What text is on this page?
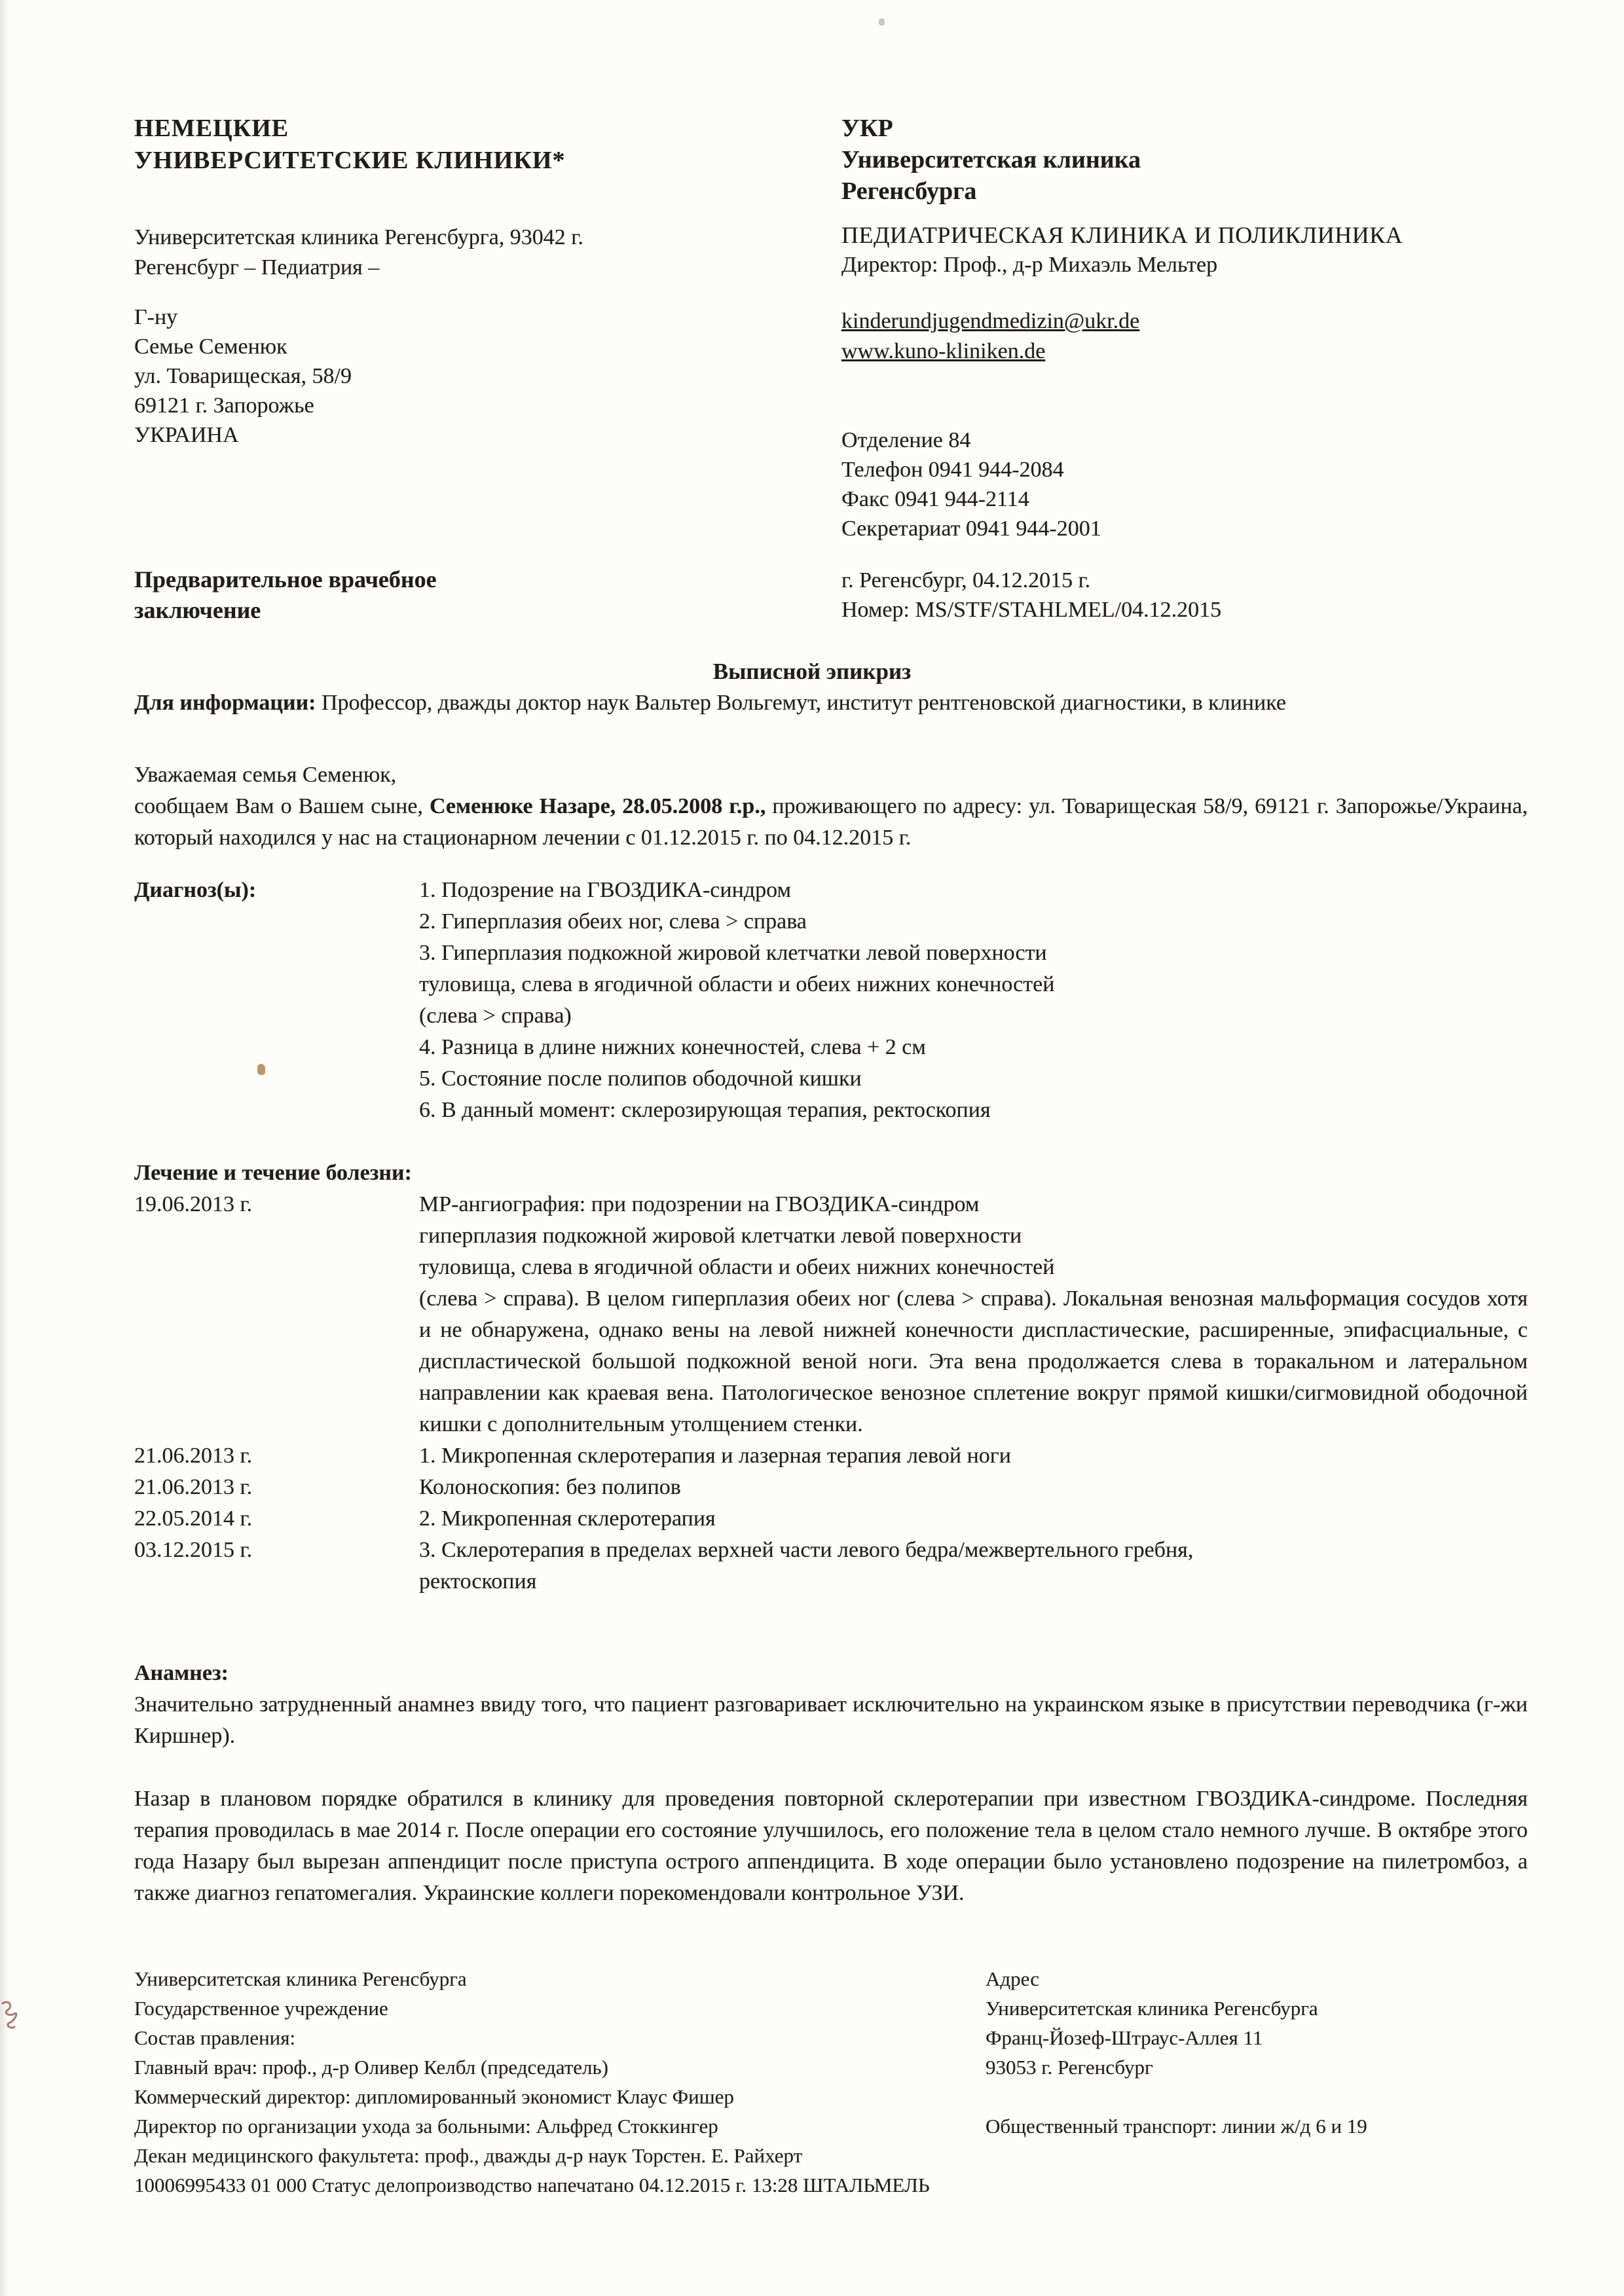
НЕМЕЦКИЕ
УНИВЕРСИТЕТСКИЕ КЛИНИКИ*
Университетская клиника Регенсбурга, 93042 г.
Регенсбург – Педиатрия –
Г-ну
Семье Семенюк
ул. Товарищеская, 58/9
69121 г. Запорожье
УКРАИНА
УКР
Университетская клиника
Регенсбурга
ПЕДИАТРИЧЕСКАЯ КЛИНИКА И ПОЛИКЛИНИКА
Директор: Проф., д-р Михаэль Мельтер
kinderundjugendmedizin@ukr.de
www.kuno-kliniken.de
Отделение 84
Телефон 0941 944-2084
Факс 0941 944-2114
Секретариат 0941 944-2001
Предварительное врачебное
заключение
г. Регенсбург, 04.12.2015 г.
Номер: MS/STF/STAHLMEL/04.12.2015
Выписной эпикриз
Для информации: Профессор, дважды доктор наук Вальтер Вольгемут, институт рентгеновской диагностики, в клинике
Уважаемая семья Семенюк,

сообщаем Вам о Вашем сыне, Семенюке Назаре, 28.05.2008 г.р., проживающего по адресу: ул. Товарищеская 58/9, 69121 г. Запорожье/Украина, который находился у нас на стационарном лечении с 01.12.2015 г. по 04.12.2015 г.

Диагноз(ы):	1. Подозрение на ГВОЗДИКА-синдром
2. Гиперплазия обеих ног, слева > справа
3. Гиперплазия подкожной жировой клетчатки левой поверхности
туловища, слева в ягодичной области и обеих нижних конечностей
(слева > справа)
4. Разница в длине нижних конечностей, слева + 2 см
5. Состояние после полипов ободочной кишки
6. В данный момент: склерозирующая терапия, ректоскопия
Лечение и течение болезни:
19.06.2013 г.	МР-ангиография: при подозрении на ГВОЗДИКА-синдром
гиперплазия подкожной жировой клетчатки левой поверхности
туловища, слева в ягодичной области и обеих нижних конечностей

(слева > справа). В целом гиперплазия обеих ног (слева > справа). Локальная венозная мальформация сосудов хотя и не обнаружена, однако вены на левой нижней конечности диспластические, расширенные, эпифасциальные, с диспластической большой подкожной веной ноги. Эта вена продолжается слева в торакальном и латеральном направлении как краевая вена. Патологическое венозное сплетение вокруг прямой кишки/сигмовидной ободочной кишки с дополнительным утолщением стенки.

21.06.2013 г.	1. Микропенная склеротерапия и лазерная терапия левой ноги
21.06.2013 г.	Колоноскопия: без полипов
22.05.2014 г.	2. Микропенная склеротерапия
03.12.2015 г.	3. Склеротерапия в пределах верхней части левого бедра/межвертельного гребня,
ректоскопия
Анамнез:

Значительно затрудненный анамнез ввиду того, что пациент разговаривает исключительно на украинском языке в присутствии переводчика (г-жи Киршнер).

Назар в плановом порядке обратился в клинику для проведения повторной склеротерапии при известном ГВОЗДИКА-синдроме. Последняя терапия проводилась в мае 2014 г. После операции его состояние улучшилось, его положение тела в целом стало немного лучше. В октябре этого года Назару был вырезан аппендицит после приступа острого аппендицита. В ходе операции было установлено подозрение на пилетромбоз, а также диагноз гепатомегалия. Украинские коллеги порекомендовали контрольное УЗИ.

Университетская клиника Регенсбурга	Адрес
Государственное учреждение	Университетская клиника Регенсбурга
Состав правления:	Франц-Йозеф-Штраус-Аллея 11
Главный врач: проф., д-р Оливер Келбл (председатель)	93053 г. Регенсбург
Коммерческий директор: дипломированный экономист Клаус Фишер
Директор по организации ухода за больными: Альфред Стоккингер	Общественный транспорт: линии ж/д 6 и 19
Декан медицинского факультета: проф., дважды д-р наук Торстен. Е. Райхерт
10006995433 01 000 Статус делопроизводство напечатано 04.12.2015 г. 13:28 ШТАЛЬМЕЛЬ
